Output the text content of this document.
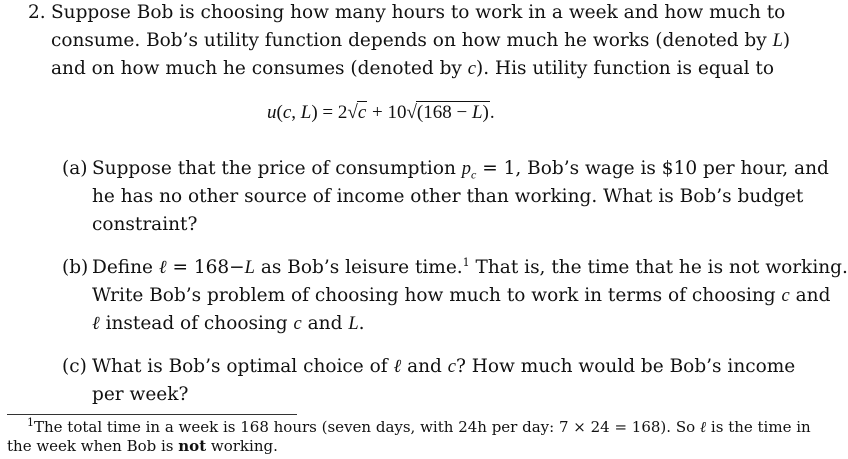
2. Suppose Bob is choosing how many hours to work in a week and how much to
consume. Bob’s utility function depends on how much he works (denoted by L)
and on how much he consumes (denoted by c). His utility function is equal to
u(c, L) = 2√c + 10√(168 − L).
(a) Suppose that the price of consumption $p_c = 1$, Bob’s wage is $10 per hour, and
he has no other source of income other than working. What is Bob’s budget
constraint?
(b) Define ℓ = 168−L as Bob’s leisure time.$^1$ That is, the time that he is not working.
Write Bob’s problem of choosing how much to work in terms of choosing c and
ℓ instead of choosing c and L.
(c) What is Bob’s optimal choice of ℓ and c? How much would be Bob’s income
per week?
$^1$The total time in a week is 168 hours (seven days, with 24h per day: 7 × 24 = 168). So ℓ is the time in
the week when Bob is not working.
